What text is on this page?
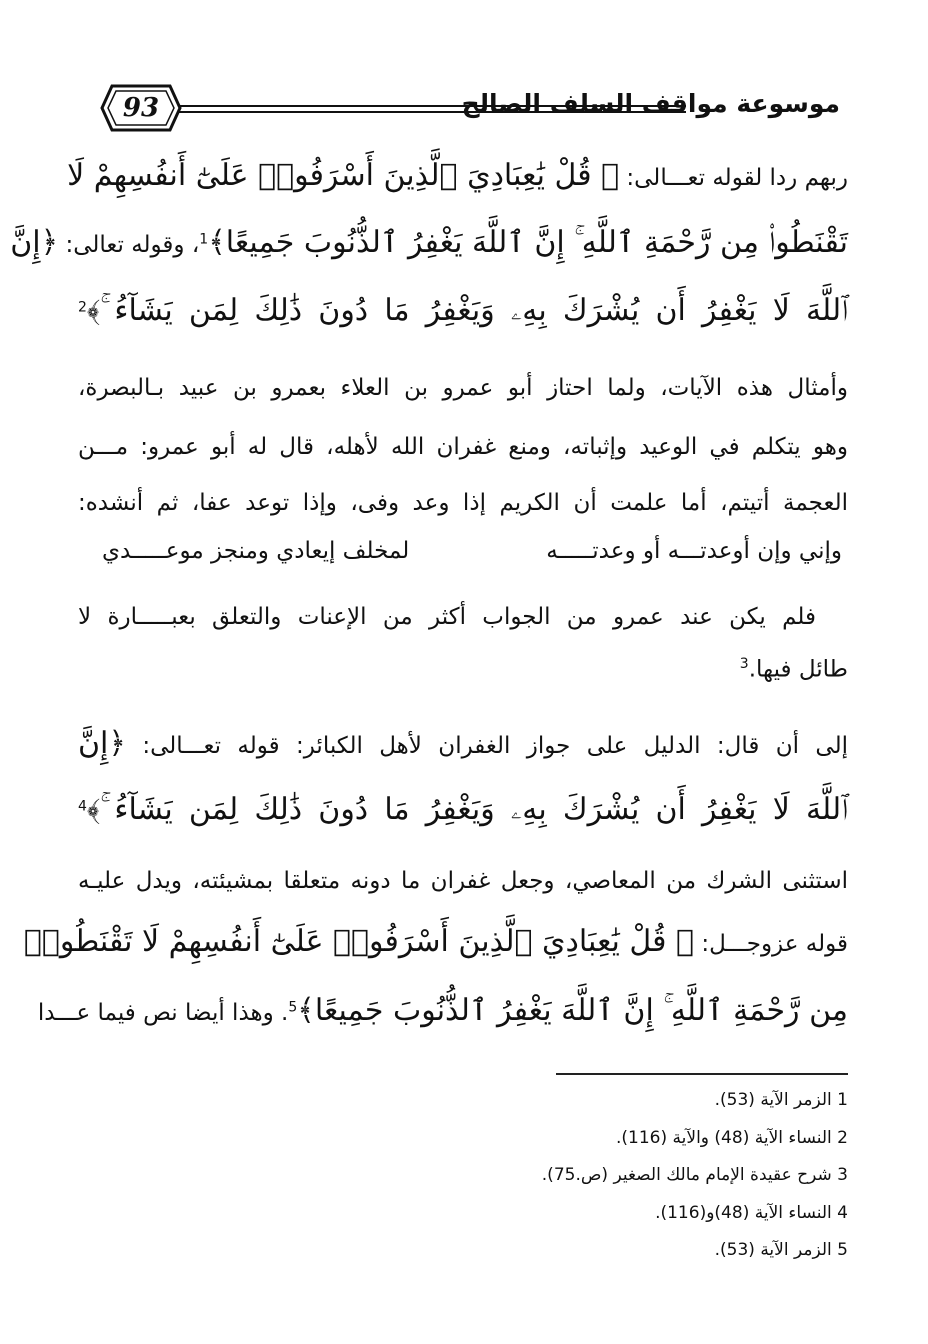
93	موسوعة مواقف السلف الصالح
ربهم ردا لقوله تعـــالى: ﴿ قُلْ يَٰعِبَادِيَ ٱلَّذِينَ أَسْرَفُوا۟ عَلَىٰٓ أَنفُسِهِمْ لَا
تَقْنَطُوا۟ مِن رَّحْمَةِ ٱللَّهِ ۚ إِنَّ ٱللَّهَ يَغْفِرُ ٱلذُّنُوبَ جَمِيعًا﴾$^1$، وقوله تعالى: ﴿إِنَّ
ٱللَّهَ لَا يَغْفِرُ أَن يُشْرَكَ بِهِۦ وَيَغْفِرُ مَا دُونَ ذَٰلِكَ لِمَن يَشَآءُ ۚ﴾$^2$
وأمثال هذه الآيات، ولما احتاز أبو عمرو بن العلاء بعمرو بن عبيد بـالبصرة،
وهو يتكلم في الوعيد وإثباته، ومنع غفران الله لأهله، قال له أبو عمرو: مـــن
العجمة أتيتم، أما علمت أن الكريم إذا وعد وفى، وإذا توعد عفا، ثم أنشده:
وإني وإن أوعدتـــه أو وعدتـــــه
لمخلف إيعادي ومنجز موعـــــدي
فلم يكن عند عمرو من الجواب أكثر من الإعنات والتعلق بعبـــــارة لا
طائل فيها.$^3$
إلى أن قال: الدليل على جواز الغفران لأهل الكبائر: قوله تعـــالى: ﴿إِنَّ
ٱللَّهَ لَا يَغْفِرُ أَن يُشْرَكَ بِهِۦ وَيَغْفِرُ مَا دُونَ ذَٰلِكَ لِمَن يَشَآءُ ۚ﴾$^4$
استثنى الشرك من المعاصي، وجعل غفران ما دونه متعلقا بمشيئته، ويدل عليـه
قوله عزوجـــل: ﴿ قُلْ يَٰعِبَادِيَ ٱلَّذِينَ أَسْرَفُوا۟ عَلَىٰٓ أَنفُسِهِمْ لَا تَقْنَطُوا۟
مِن رَّحْمَةِ ٱللَّهِ ۚ إِنَّ ٱللَّهَ يَغْفِرُ ٱلذُّنُوبَ جَمِيعًا﴾$^5$. وهذا أيضا نص فيما عـــدا
1 الزمر الآية (53).
2 النساء الآية (48) والآية (116).
3 شرح عقيدة الإمام مالك الصغير (ص.75).
4 النساء الآية (48)و(116).
5 الزمر الآية (53).
